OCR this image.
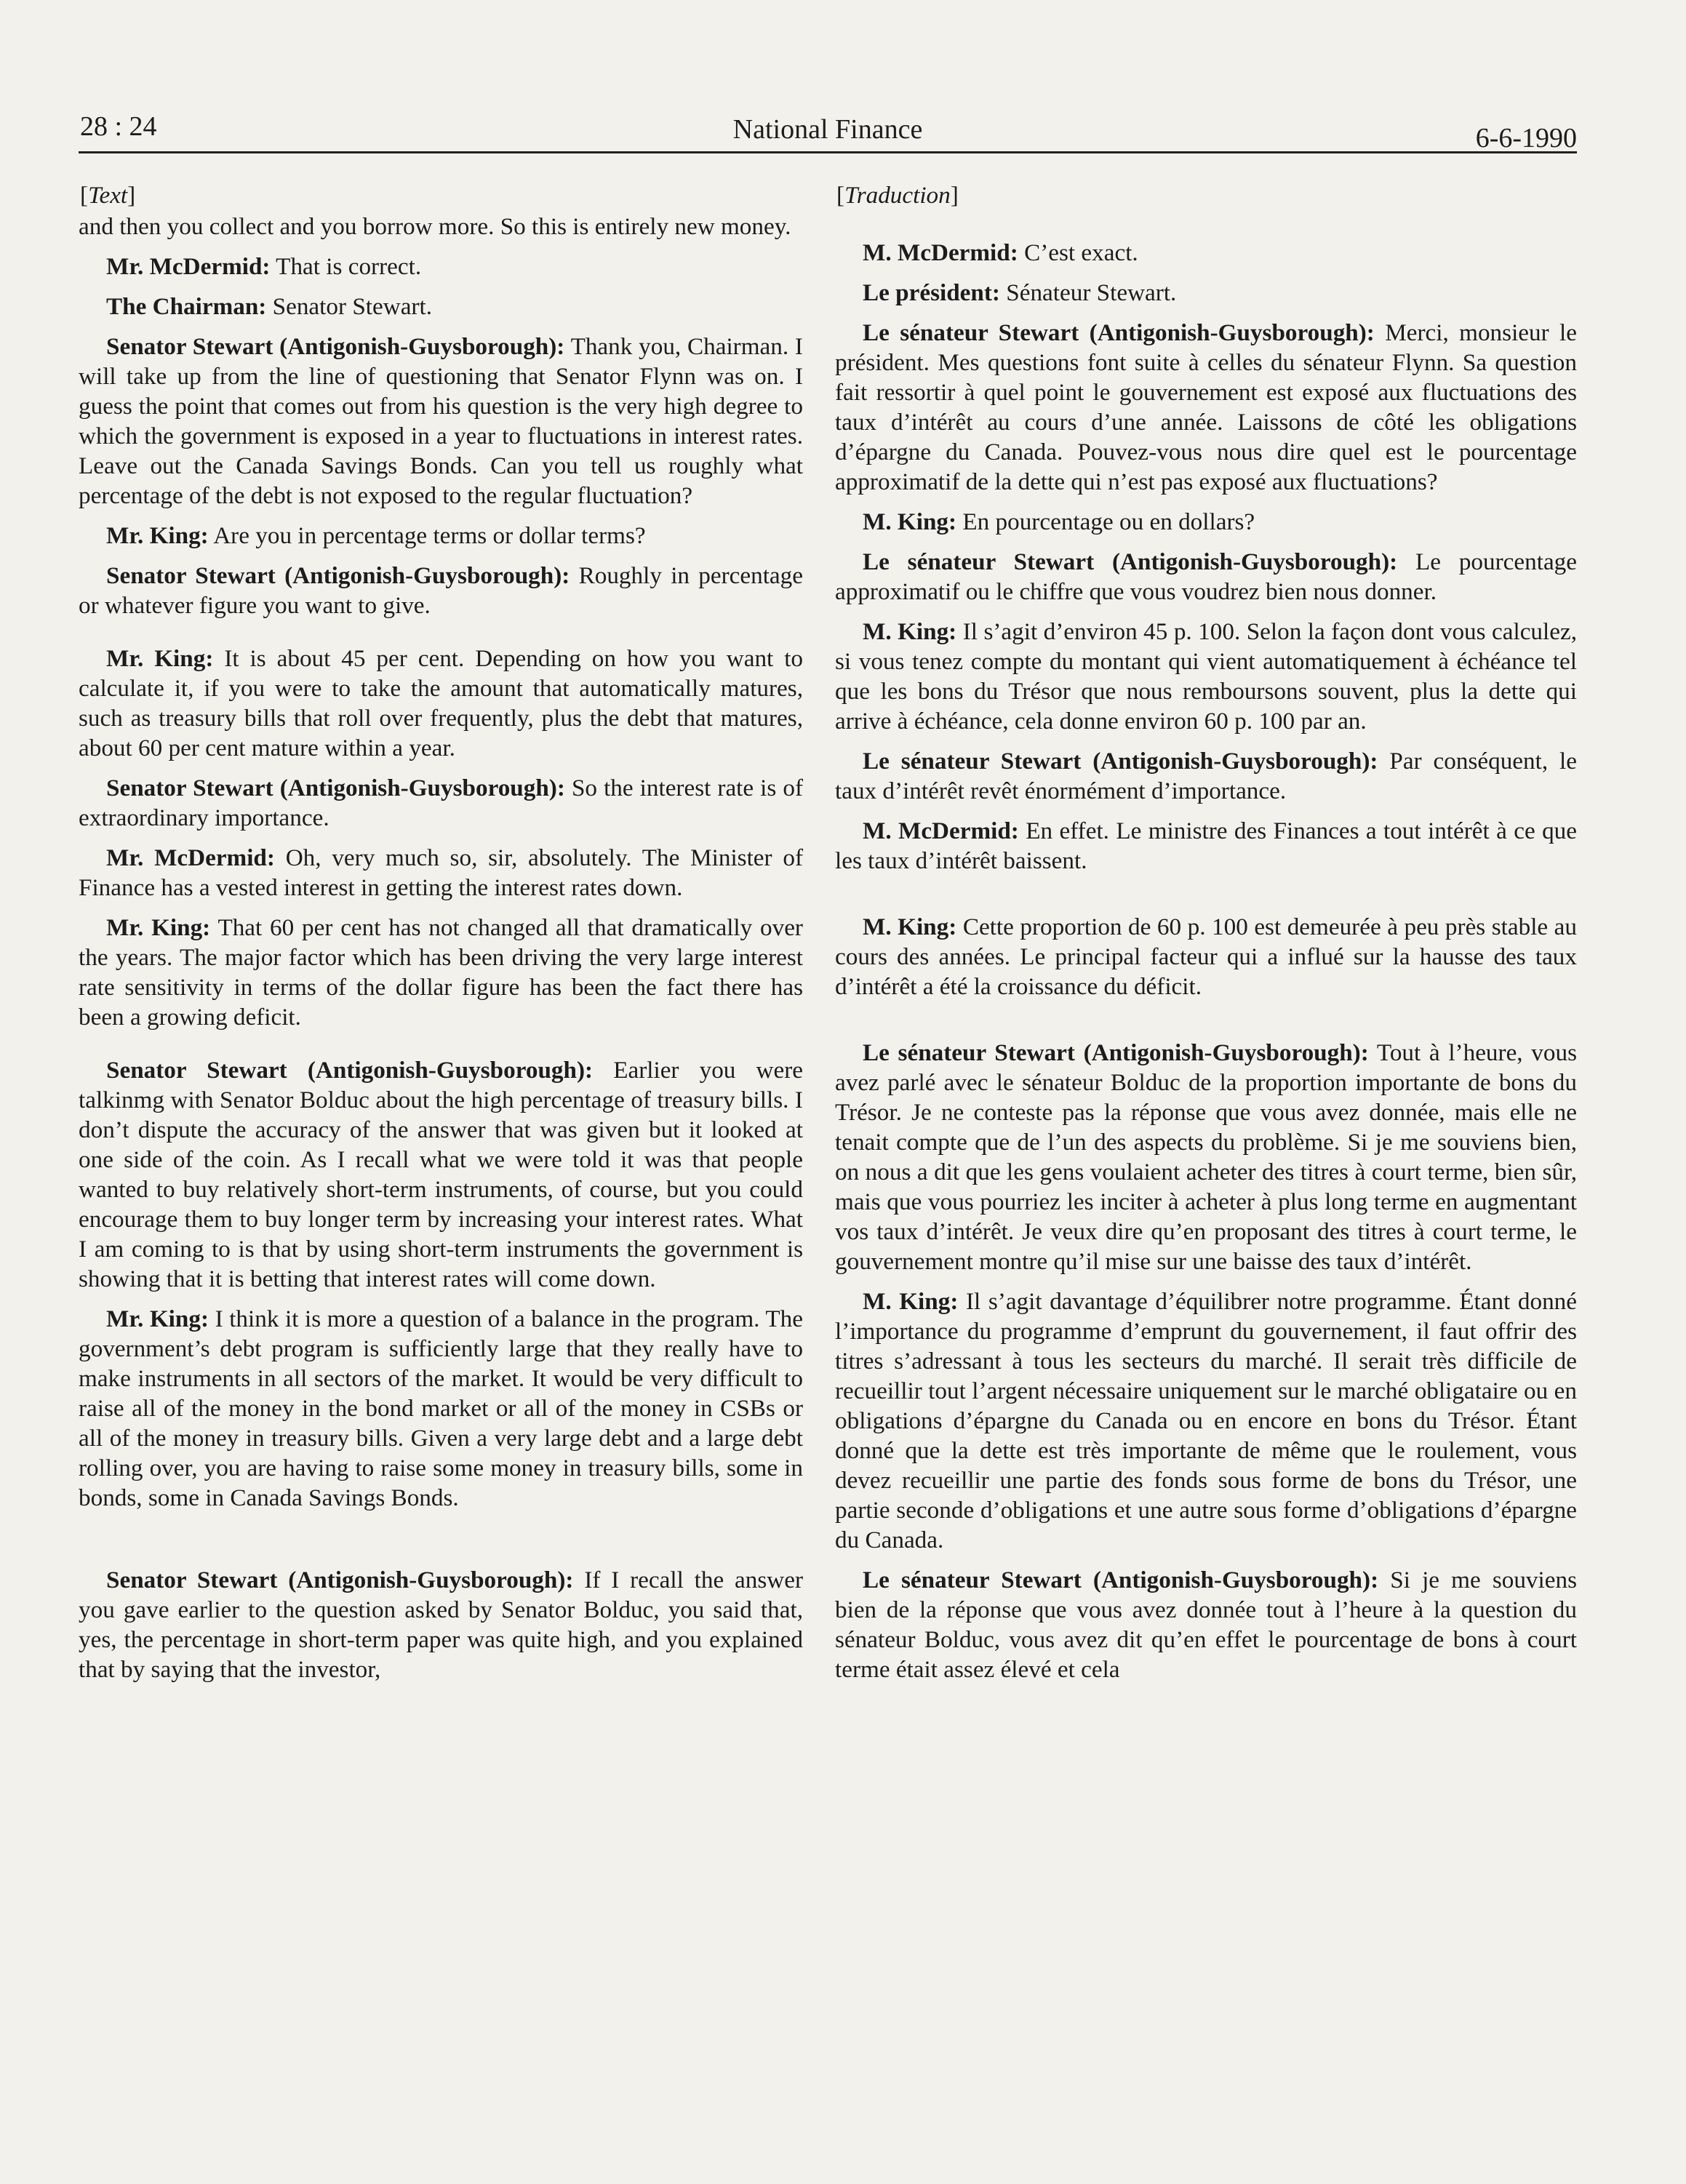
28 : 24	National Finance	6-6-1990
[Text]

and then you collect and you borrow more. So this is entirely new money.

Mr. McDermid: That is correct.

The Chairman: Senator Stewart.

Senator Stewart (Antigonish-Guysborough): Thank you, Chairman. I will take up from the line of questioning that Senator Flynn was on. I guess the point that comes out from his question is the very high degree to which the government is exposed in a year to fluctuations in interest rates. Leave out the Canada Savings Bonds. Can you tell us roughly what percentage of the debt is not exposed to the regular fluctuation?

Mr. King: Are you in percentage terms or dollar terms?

Senator Stewart (Antigonish-Guysborough): Roughly in percentage or whatever figure you want to give.

Mr. King: It is about 45 per cent. Depending on how you want to calculate it, if you were to take the amount that automatically matures, such as treasury bills that roll over frequently, plus the debt that matures, about 60 per cent mature within a year.

Senator Stewart (Antigonish-Guysborough): So the interest rate is of extraordinary importance.

Mr. McDermid: Oh, very much so, sir, absolutely. The Minister of Finance has a vested interest in getting the interest rates down.

Mr. King: That 60 per cent has not changed all that dramatically over the years. The major factor which has been driving the very large interest rate sensitivity in terms of the dollar figure has been the fact there has been a growing deficit.

Senator Stewart (Antigonish-Guysborough): Earlier you were talkinmg with Senator Bolduc about the high percentage of treasury bills. I don’t dispute the accuracy of the answer that was given but it looked at one side of the coin. As I recall what we were told it was that people wanted to buy relatively short-term instruments, of course, but you could encourage them to buy longer term by increasing your interest rates. What I am coming to is that by using short-term instruments the government is showing that it is betting that interest rates will come down.

Mr. King: I think it is more a question of a balance in the program. The government’s debt program is sufficiently large that they really have to make instruments in all sectors of the market. It would be very difficult to raise all of the money in the bond market or all of the money in CSBs or all of the money in treasury bills. Given a very large debt and a large debt rolling over, you are having to raise some money in treasury bills, some in bonds, some in Canada Savings Bonds.

Senator Stewart (Antigonish-Guysborough): If I recall the answer you gave earlier to the question asked by Senator Bolduc, you said that, yes, the percentage in short-term paper was quite high, and you explained that by saying that the investor,

[Traduction]

M. McDermid: C’est exact.

Le président: Sénateur Stewart.

Le sénateur Stewart (Antigonish-Guysborough): Merci, monsieur le président. Mes questions font suite à celles du sénateur Flynn. Sa question fait ressortir à quel point le gouvernement est exposé aux fluctuations des taux d’intérêt au cours d’une année. Laissons de côté les obligations d’épargne du Canada. Pouvez-vous nous dire quel est le pourcentage approximatif de la dette qui n’est pas exposé aux fluctuations?

M. King: En pourcentage ou en dollars?

Le sénateur Stewart (Antigonish-Guysborough): Le pourcentage approximatif ou le chiffre que vous voudrez bien nous donner.

M. King: Il s’agit d’environ 45 p. 100. Selon la façon dont vous calculez, si vous tenez compte du montant qui vient automatiquement à échéance tel que les bons du Trésor que nous remboursons souvent, plus la dette qui arrive à échéance, cela donne environ 60 p. 100 par an.

Le sénateur Stewart (Antigonish-Guysborough): Par conséquent, le taux d’intérêt revêt énormément d’importance.

M. McDermid: En effet. Le ministre des Finances a tout intérêt à ce que les taux d’intérêt baissent.

M. King: Cette proportion de 60 p. 100 est demeurée à peu près stable au cours des années. Le principal facteur qui a influé sur la hausse des taux d’intérêt a été la croissance du déficit.

Le sénateur Stewart (Antigonish-Guysborough): Tout à l’heure, vous avez parlé avec le sénateur Bolduc de la proportion importante de bons du Trésor. Je ne conteste pas la réponse que vous avez donnée, mais elle ne tenait compte que de l’un des aspects du problème. Si je me souviens bien, on nous a dit que les gens voulaient acheter des titres à court terme, bien sûr, mais que vous pourriez les inciter à acheter à plus long terme en augmentant vos taux d’intérêt. Je veux dire qu’en proposant des titres à court terme, le gouvernement montre qu’il mise sur une baisse des taux d’intérêt.

M. King: Il s’agit davantage d’équilibrer notre programme. Étant donné l’importance du programme d’emprunt du gouvernement, il faut offrir des titres s’adressant à tous les secteurs du marché. Il serait très difficile de recueillir tout l’argent nécessaire uniquement sur le marché obligataire ou en obligations d’épargne du Canada ou en encore en bons du Trésor. Étant donné que la dette est très importante de même que le roulement, vous devez recueillir une partie des fonds sous forme de bons du Trésor, une partie seconde d’obligations et une autre sous forme d’obligations d’épargne du Canada.

Le sénateur Stewart (Antigonish-Guysborough): Si je me souviens bien de la réponse que vous avez donnée tout à l’heure à la question du sénateur Bolduc, vous avez dit qu’en effet le pourcentage de bons à court terme était assez élevé et cela
